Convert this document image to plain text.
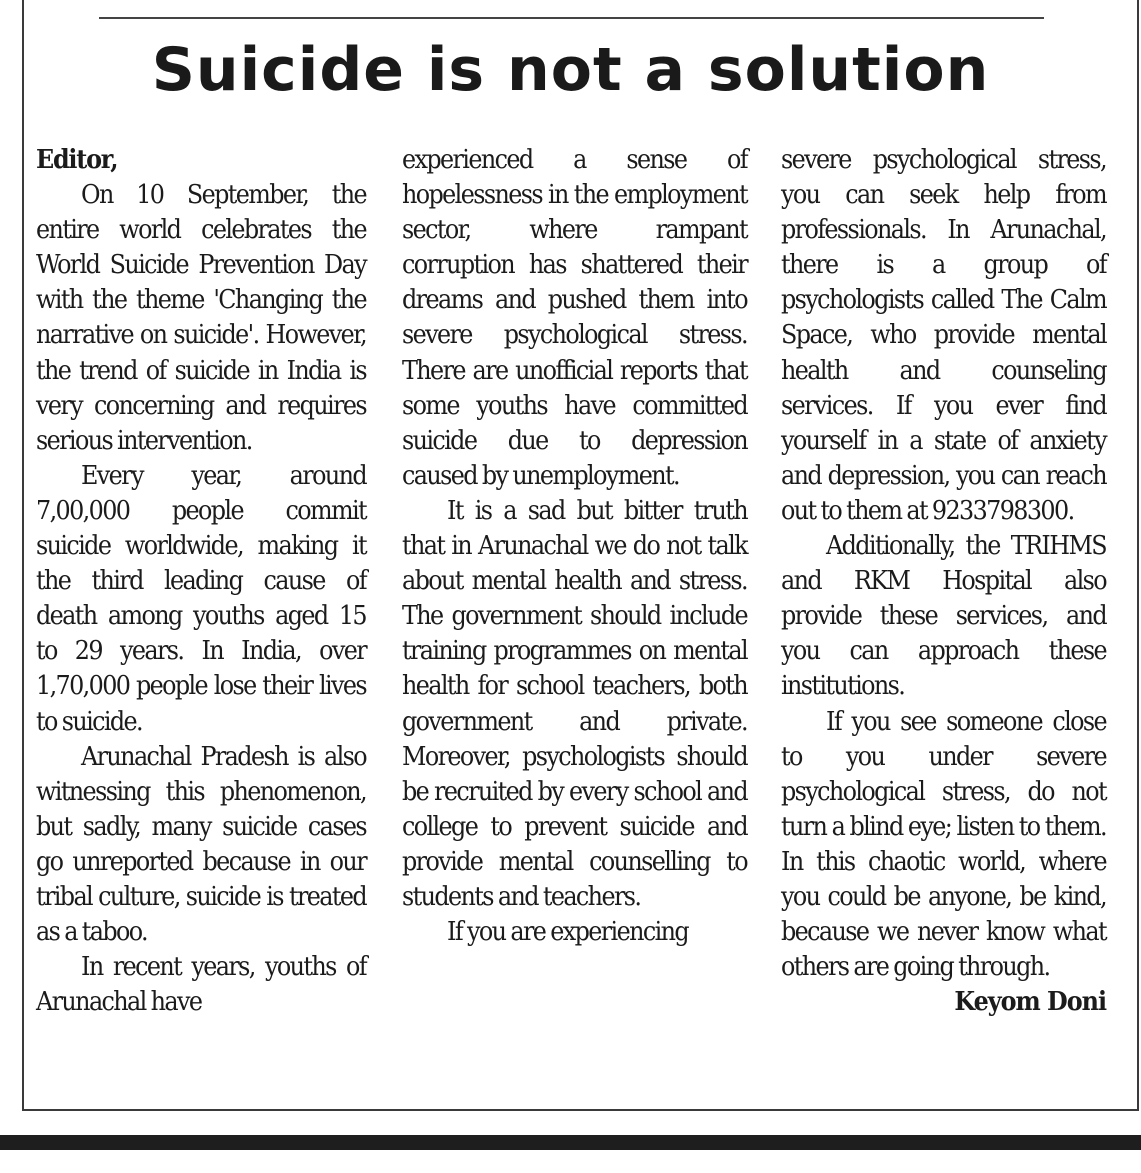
Suicide is not a solution

Editor,

On 10 September, the entire world celebrates the World Suicide Prevention Day with the theme 'Changing the narrative on suicide'. However, the trend of suicide in India is very concerning and requires serious intervention.

Every year, around 7,00,000 people commit suicide worldwide, making it the third leading cause of death among youths aged 15 to 29 years. In India, over 1,70,000 people lose their lives to suicide.

Arunachal Pradesh is also witnessing this phenomenon, but sadly, many suicide cases go unreported because in our tribal culture, suicide is treated as a taboo.

In recent years, youths of Arunachal have

experienced a sense of hopelessness in the employment sector, where rampant corruption has shattered their dreams and pushed them into severe psychological stress. There are unofficial reports that some youths have committed suicide due to depression caused by unemployment.

It is a sad but bitter truth that in Arunachal we do not talk about mental health and stress. The government should include training programmes on mental health for school teachers, both government and private. Moreover, psychologists should be recruited by every school and college to prevent suicide and provide mental counselling to students and teachers.

If you are experiencing

severe psychological stress, you can seek help from professionals. In Arunachal, there is a group of psychologists called The Calm Space, who provide mental health and counseling services. If you ever find yourself in a state of anxiety and depression, you can reach out to them at 9233798300.

Additionally, the TRIHMS and RKM Hospital also provide these services, and you can approach these institutions.

If you see someone close to you under severe psychological stress, do not turn a blind eye; listen to them. In this chaotic world, where you could be anyone, be kind, because we never know what others are going through.

Keyom Doni
